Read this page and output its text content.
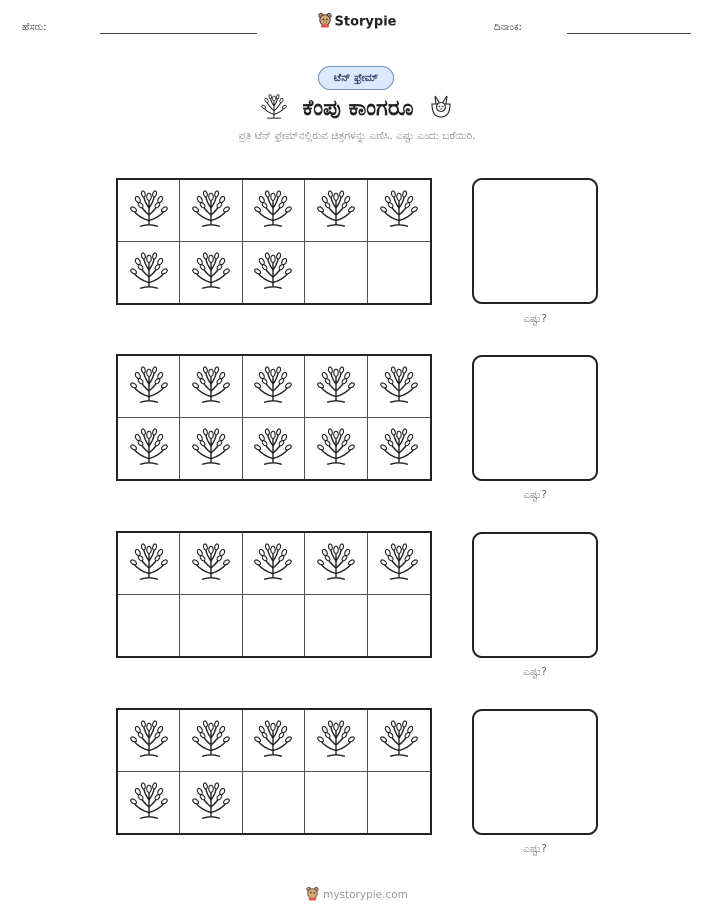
ಹೆಸರು:	Storypie	ದಿನಾಂಕ:
ಟೆನ್ ಫ್ರೇಮ್
ಕೆಂಪು ಕಾಂಗರೂ
ಪ್ರತಿ ಟೆನ್ ಫ್ರೇಮ್‌ನಲ್ಲಿರುವ ಚಿತ್ರಗಳನ್ನು ಎಣಿಸಿ. ಎಷ್ಟು ಎಂದು ಬರೆಯಿರಿ.
ಎಷ್ಟು?
ಎಷ್ಟು?
ಎಷ್ಟು?
ಎಷ್ಟು?
mystorypie.com
